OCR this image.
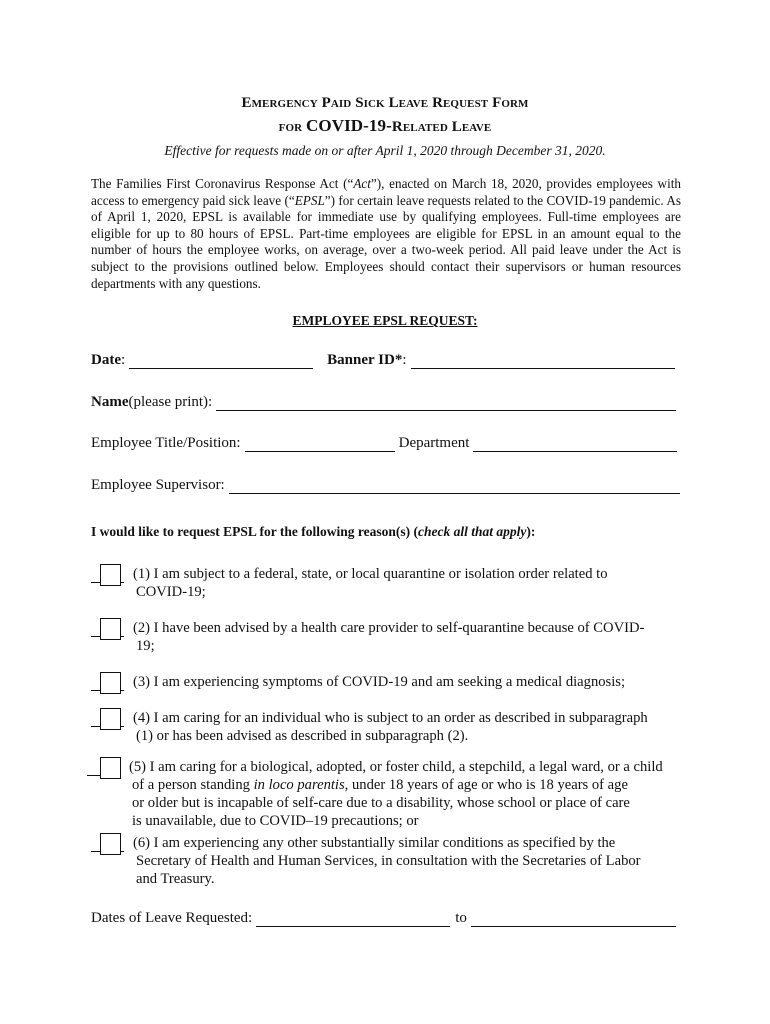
Emergency Paid Sick Leave Request Form
for COVID-19-Related Leave
Effective for requests made on or after April 1, 2020 through December 31, 2020.
The Families First Coronavirus Response Act (“Act”), enacted on March 18, 2020, provides employees with access to emergency paid sick leave (“EPSL”) for certain leave requests related to the COVID-19 pandemic. As of April 1, 2020, EPSL is available for immediate use by qualifying employees. Full-time employees are eligible for up to 80 hours of EPSL. Part-time employees are eligible for EPSL in an amount equal to the number of hours the employee works, on average, over a two-week period. All paid leave under the Act is subject to the provisions outlined below. Employees should contact their supervisors or human resources departments with any questions.
EMPLOYEE EPSL REQUEST:
Date :	Banner ID*:
Name (please print):
Employee Title/Position:	Department
Employee Supervisor:
I would like to request EPSL for the following reason(s) (check all that apply):
(1) I am subject to a federal, state, or local quarantine or isolation order related to
COVID-19;
(2) I have been advised by a health care provider to self-quarantine because of COVID-
19;
(3) I am experiencing symptoms of COVID-19 and am seeking a medical diagnosis;
(4) I am caring for an individual who is subject to an order as described in subparagraph
(1) or has been advised as described in subparagraph (2).
(5) I am caring for a biological, adopted, or foster child, a stepchild, a legal ward, or a child
of a person standing in loco parentis, under 18 years of age or who is 18 years of age
or older but is incapable of self-care due to a disability, whose school or place of care
is unavailable, due to COVID–19 precautions; or
(6) I am experiencing any other substantially similar conditions as specified by the
Secretary of Health and Human Services, in consultation with the Secretaries of Labor
and Treasury.
Dates of Leave Requested:	to
